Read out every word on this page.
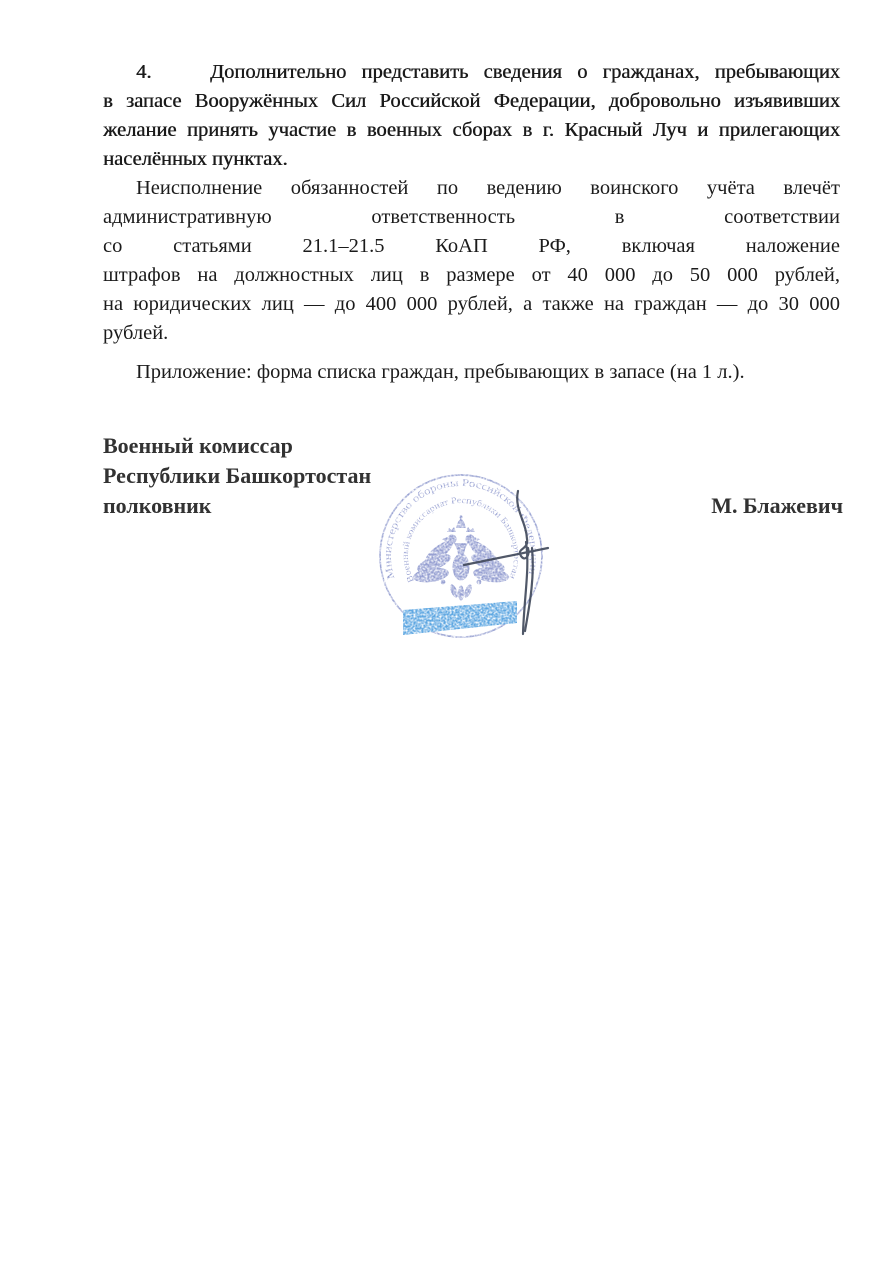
4.	Дополнительно представить сведения о гражданах, пребывающих
в запасе Вооружённых Сил Российской Федерации, добровольно изъявивших
желание принять участие в военных сборах в г. Красный Луч и прилегающих
населённых пунктах.
Неисполнение обязанностей по ведению воинского учёта влечёт
административную ответственность в соответствии
со статьями 21.1–21.5 КоАП РФ, включая наложение
штрафов на должностных лиц в размере от 40 000 до 50 000 рублей,
на юридических лиц — до 400 000 рублей, а также на граждан — до 30 000
рублей.
Приложение: форма списка граждан, пребывающих в запасе (на 1 л.).
Военный комиссар
Республики Башкортостан
полковник	М. Блажевич
Министерство обороны Российской Федерации
Военный комиссариат Республики Башкортостан
